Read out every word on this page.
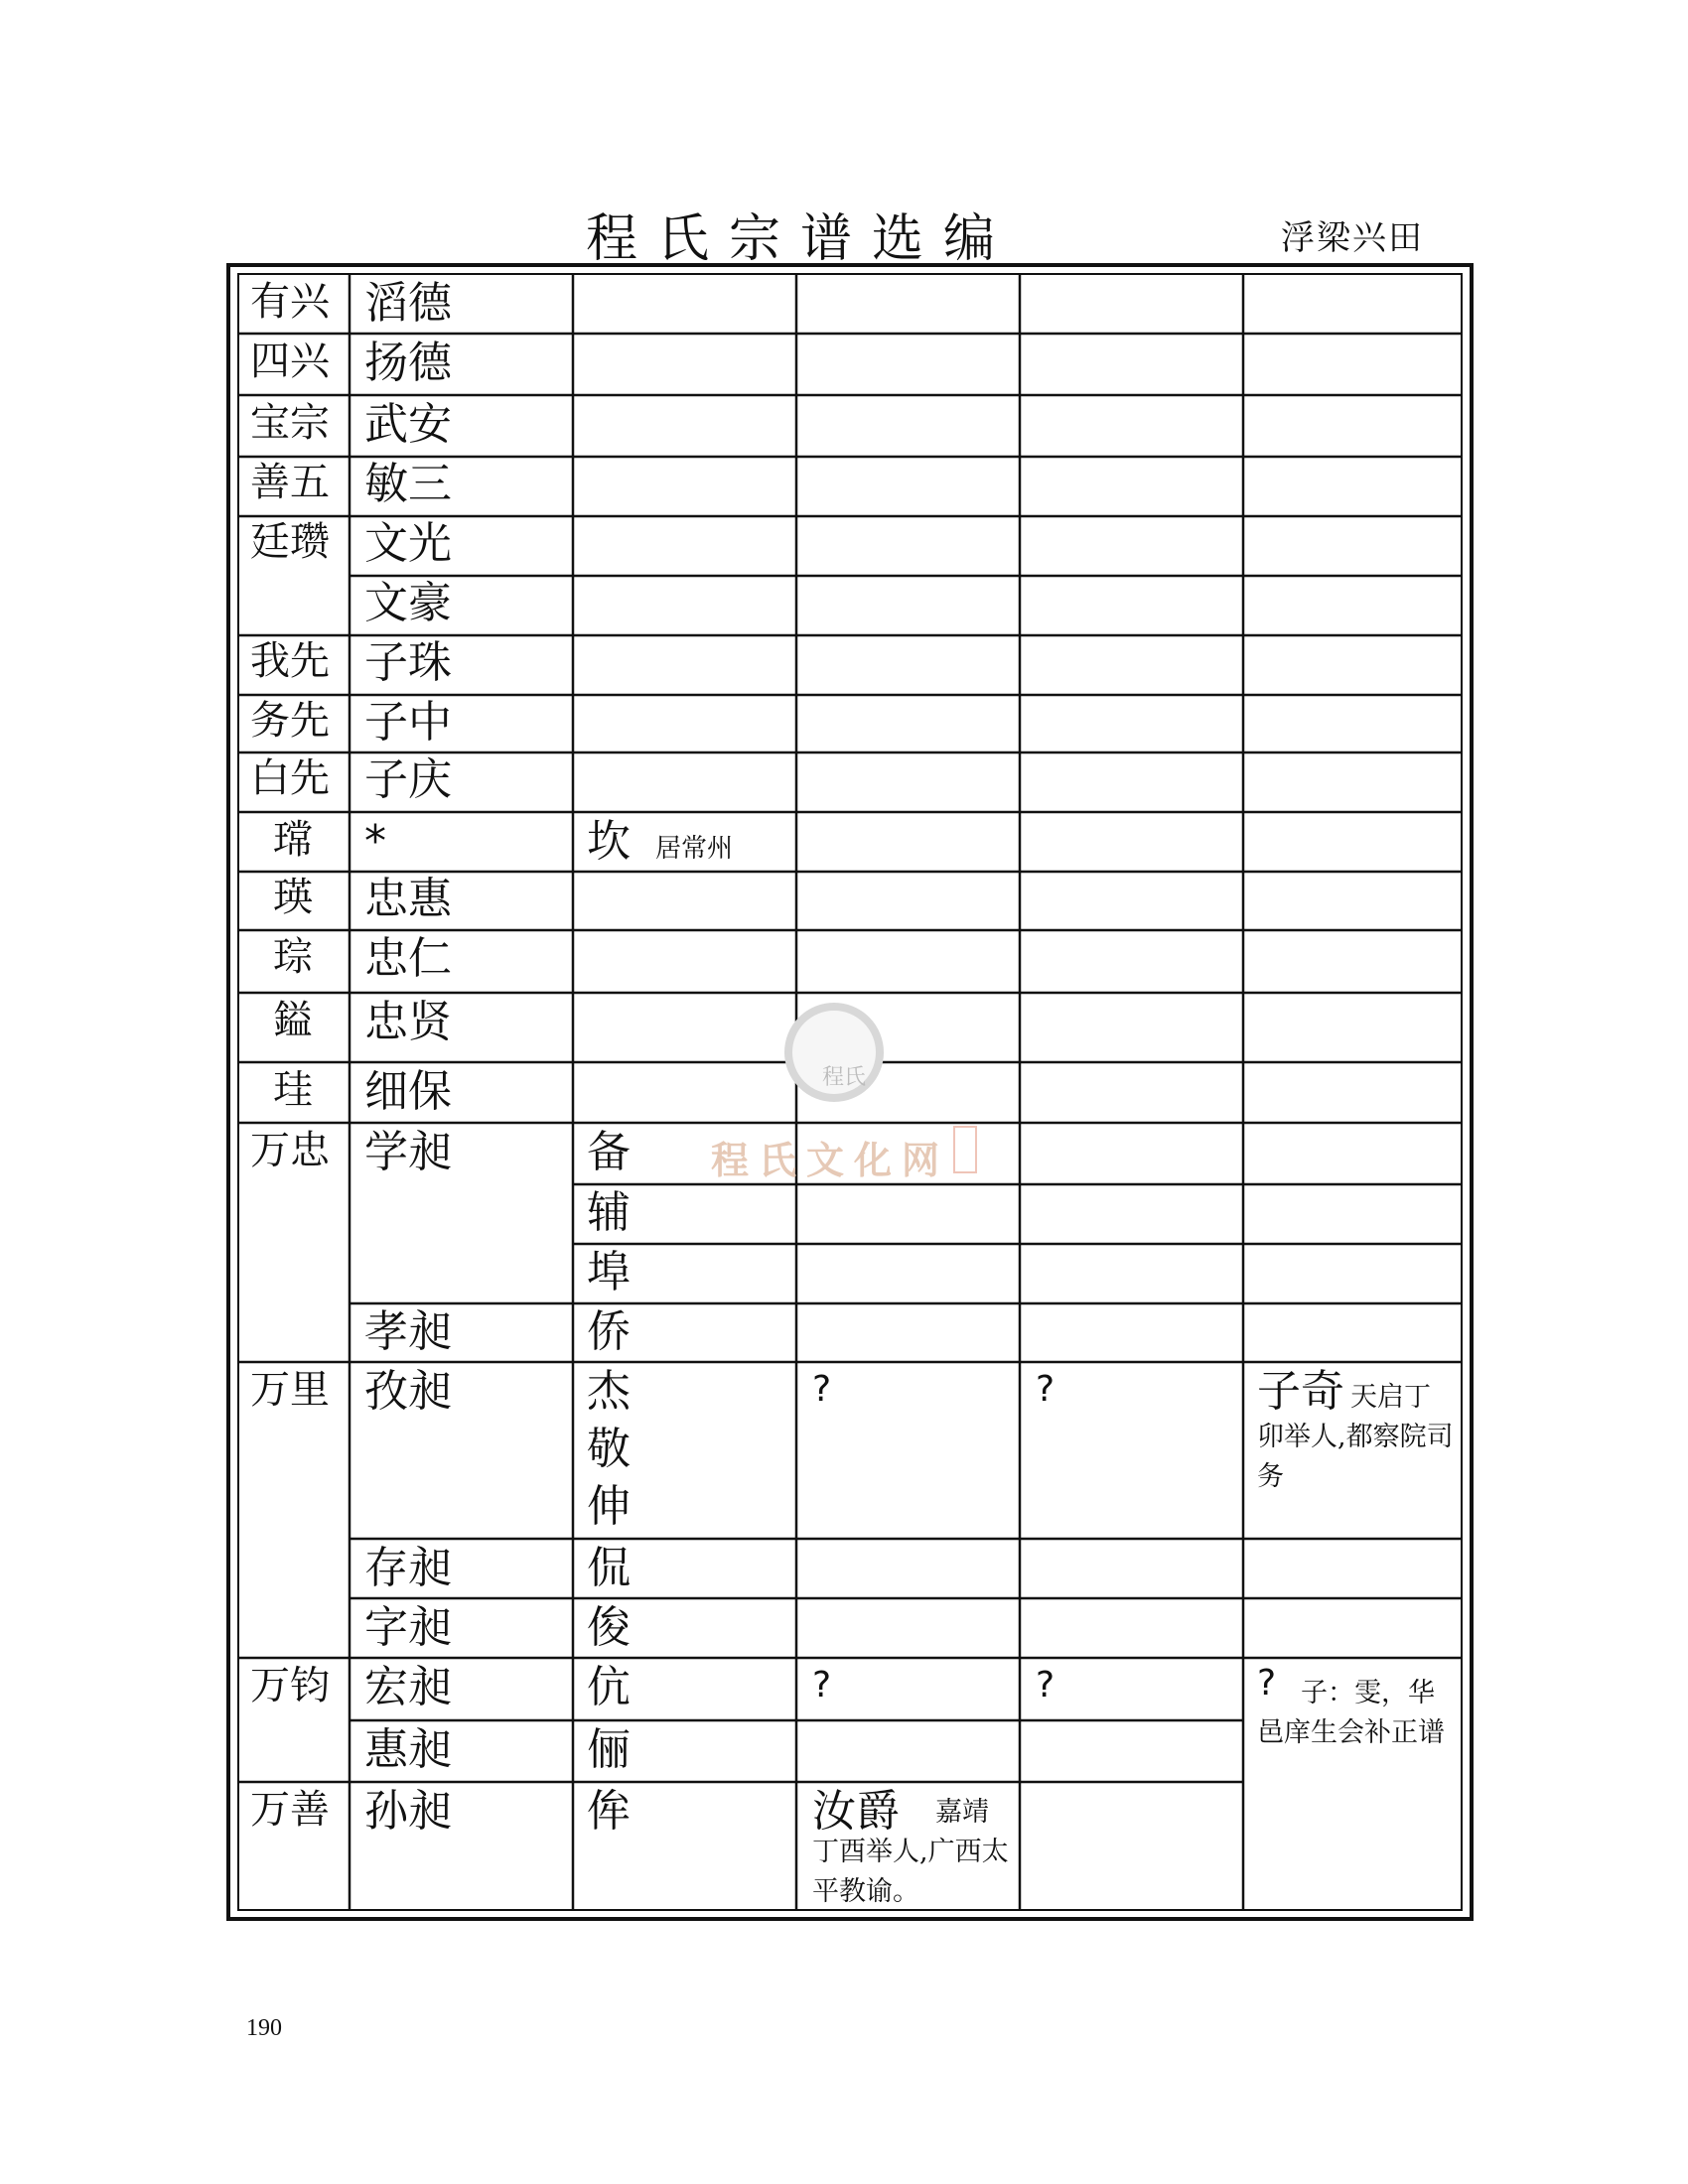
程氏宗谱选编	浮梁兴田
有兴
四兴
宝宗
善五
廷瓒
我先
务先
白先
瑺
瑛
琮
鎰
珪
万忠
万里
万钧
万善
滔德
扬德
武安
敏三
文光
文豪
子珠
子中
子庆
*
忠惠
忠仁
忠贤
细保
学昶
孝昶
孜昶
存昶
字昶
宏昶
惠昶
孙昶
坎 居常州
备
辅
埠
侨
杰
敬
伸
侃
俊
伉
俪
侔
?
?
汝爵	嘉靖丁酉举人,广西太平教谕。
?
?
子奇 天启丁卯举人,都察院司务
? 子：雯，华邑庠生会补正谱
程氏
程氏文化网
190
